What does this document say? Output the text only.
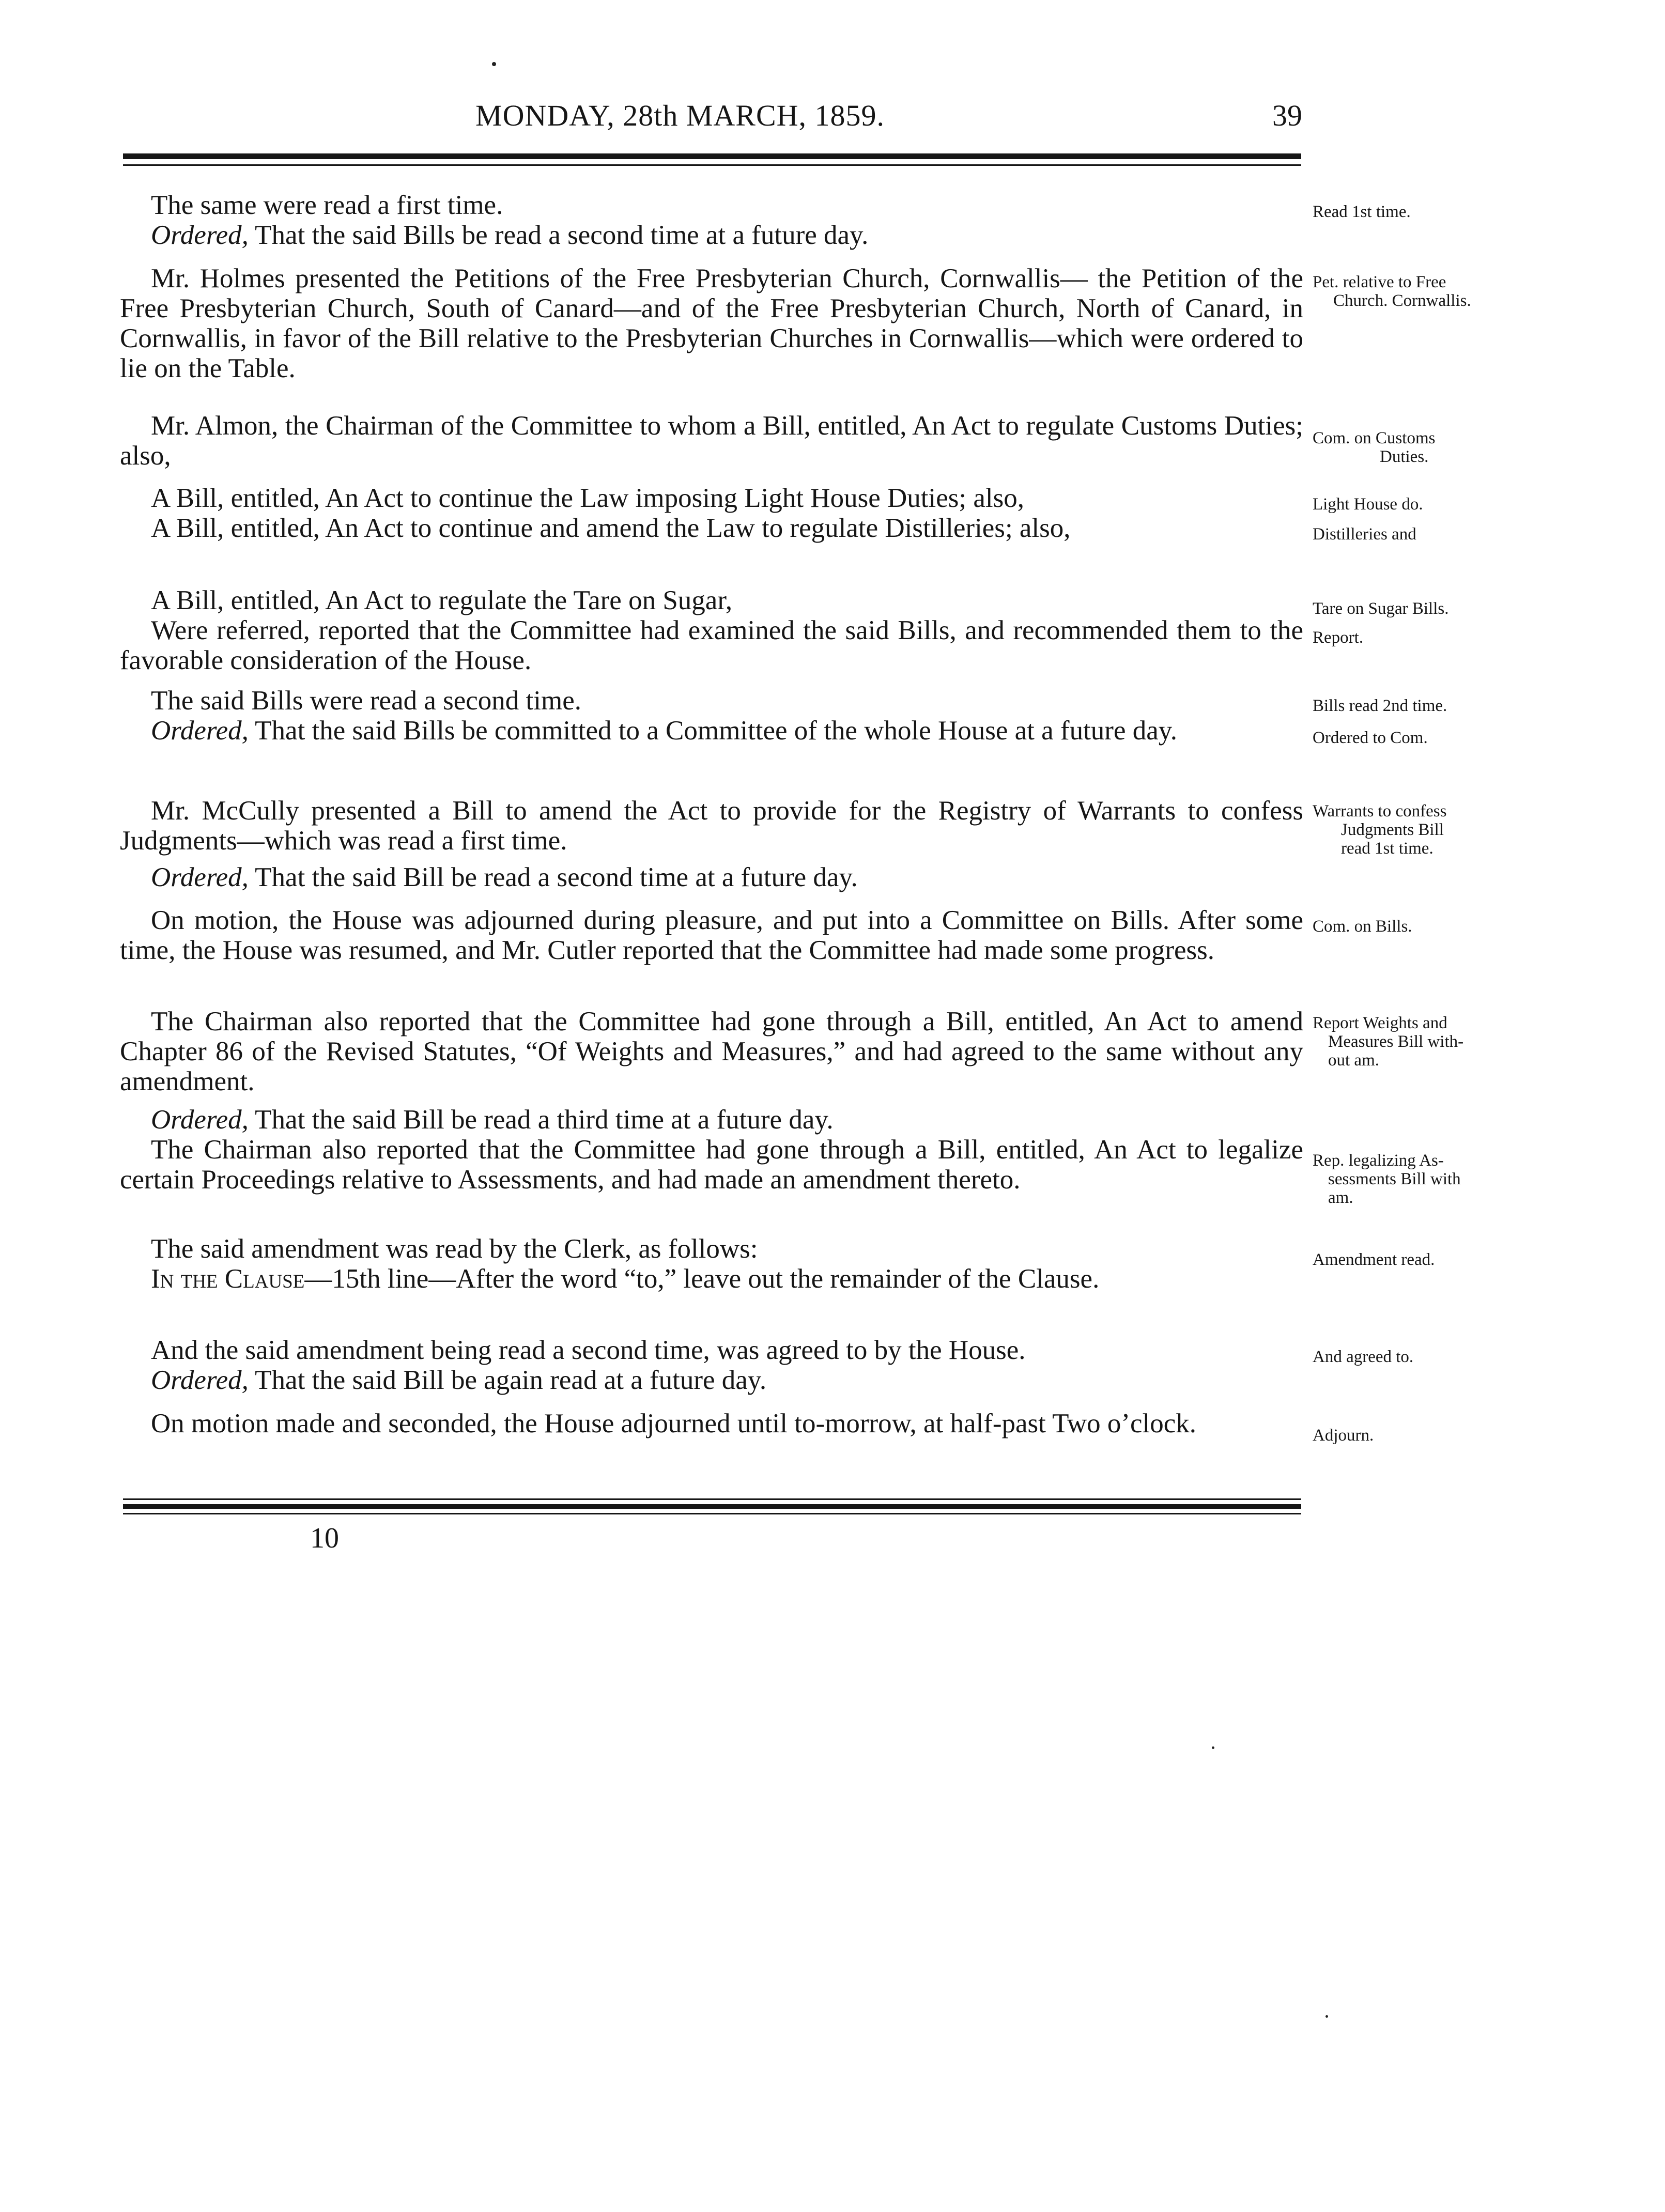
MONDAY, 28th MARCH, 1859.	39

The same were read a first time.	Read 1st time.

Ordered, That the said Bills be read a second time at a future day.

Mr. Holmes presented the Petitions of the Free Presbyterian Church, Cornwallis— the Petition of the Free Presbyterian Church, South of Canard—and of the Free Presbyterian Church, North of Canard, in Cornwallis, in favor of the Bill relative to the Presbyterian Churches in Cornwallis—which were ordered to lie on the Table.

Pet. relative to Free
Church. Cornwallis.

Mr. Almon, the Chairman of the Committee to whom a Bill, entitled, An Act to regulate Customs Duties; also,

Com. on Customs
Duties.

A Bill, entitled, An Act to continue the Law imposing Light House Duties; also,	Light House do.

A Bill, entitled, An Act to continue and amend the Law to regulate Distilleries; also,	Distilleries and

A Bill, entitled, An Act to regulate the Tare on Sugar,	Tare on Sugar Bills.

Were referred, reported that the Committee had examined the said Bills, and recommended them to the favorable consideration of the House.

Report.

The said Bills were read a second time.	Bills read 2nd time.

Ordered, That the said Bills be committed to a Committee of the whole House at a future day.	Ordered to Com.

Mr. McCully presented a Bill to amend the Act to provide for the Registry of Warrants to confess Judgments—which was read a first time.

Warrants to confess
Judgments Bill
read 1st time.

Ordered, That the said Bill be read a second time at a future day.

On motion, the House was adjourned during pleasure, and put into a Committee on Bills. After some time, the House was resumed, and Mr. Cutler reported that the Committee had made some progress.

Com. on Bills.

The Chairman also reported that the Committee had gone through a Bill, entitled, An Act to amend Chapter 86 of the Revised Statutes, “Of Weights and Measures,” and had agreed to the same without any amendment.

Report Weights and
Measures Bill with-
out am.

Ordered, That the said Bill be read a third time at a future day.

The Chairman also reported that the Committee had gone through a Bill, entitled, An Act to legalize certain Proceedings relative to Assessments, and had made an amendment thereto.

Rep. legalizing As-
sessments Bill with
am.

The said amendment was read by the Clerk, as follows:	Amendment read.

In the Clause—15th line—After the word “to,” leave out the remainder of the Clause.

And the said amendment being read a second time, was agreed to by the House.	And agreed to.

Ordered, That the said Bill be again read at a future day.

On motion made and seconded, the House adjourned until to-morrow, at half-past Two o’clock.	Adjourn.
10
